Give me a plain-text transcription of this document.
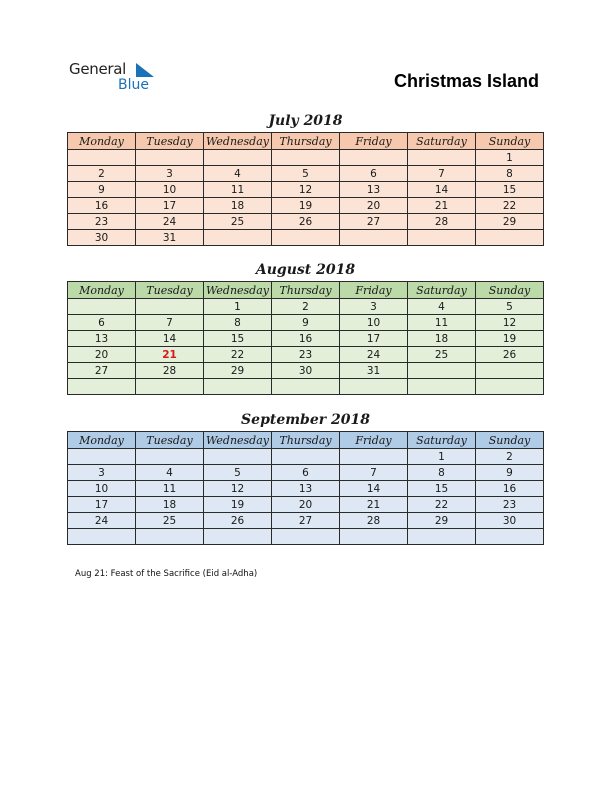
General
Blue	Christmas Island
July 2018
Monday	Tuesday	Wednesday	Thursday	Friday	Saturday	Sunday
						1
2	3	4	5	6	7	8
9	10	11	12	13	14	15
16	17	18	19	20	21	22
23	24	25	26	27	28	29
30	31					
August 2018
Monday	Tuesday	Wednesday	Thursday	Friday	Saturday	Sunday
		1	2	3	4	5
6	7	8	9	10	11	12
13	14	15	16	17	18	19
20	21	22	23	24	25	26
27	28	29	30	31		

September 2018
Monday	Tuesday	Wednesday	Thursday	Friday	Saturday	Sunday
					1	2
3	4	5	6	7	8	9
10	11	12	13	14	15	16
17	18	19	20	21	22	23
24	25	26	27	28	29	30

Aug 21: Feast of the Sacrifice (Eid al-Adha)
